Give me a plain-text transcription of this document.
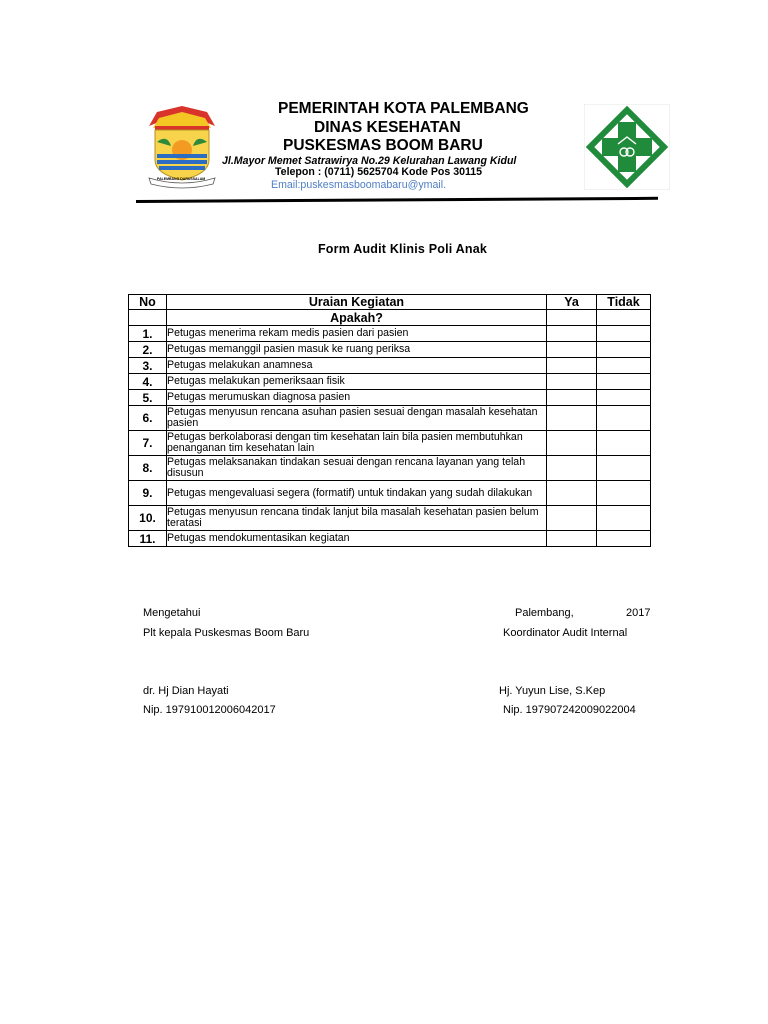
PALEMBANG DARUSSALAM
PEMERINTAH KOTA PALEMBANG
DINAS KESEHATAN
PUSKESMAS BOOM BARU
Jl.Mayor Memet Satrawirya No.29 Kelurahan Lawang Kidul
Telepon : (0711) 5625704 Kode Pos 30115
Email:puskesmasboomabaru@ymail.
Form Audit Klinis Poli Anak
No	Uraian Kegiatan	Ya	Tidak
	Apakah?		
1.	Petugas menerima rekam medis pasien dari pasien		
2.	Petugas memanggil pasien masuk ke ruang periksa		
3.	Petugas melakukan anamnesa		
4.	Petugas melakukan pemeriksaan fisik		
5.	Petugas merumuskan diagnosa pasien		
6.	Petugas menyusun rencana asuhan pasien sesuai dengan masalah kesehatan pasien		
7.	Petugas berkolaborasi dengan tim kesehatan lain bila pasien membutuhkan penanganan tim kesehatan lain		
8.	Petugas melaksanakan tindakan sesuai dengan rencana layanan yang telah disusun		
9.	Petugas mengevaluasi segera (formatif) untuk tindakan yang sudah dilakukan		
10.	Petugas menyusun rencana tindak lanjut bila masalah kesehatan pasien belum teratasi		
11.	Petugas mendokumentasikan kegiatan		
Mengetahui
Plt kepala Puskesmas Boom Baru
dr. Hj Dian Hayati
Nip. 197910012006042017
Palembang,	2017
Koordinator Audit Internal
Hj. Yuyun Lise, S.Kep
Nip. 197907242009022004
